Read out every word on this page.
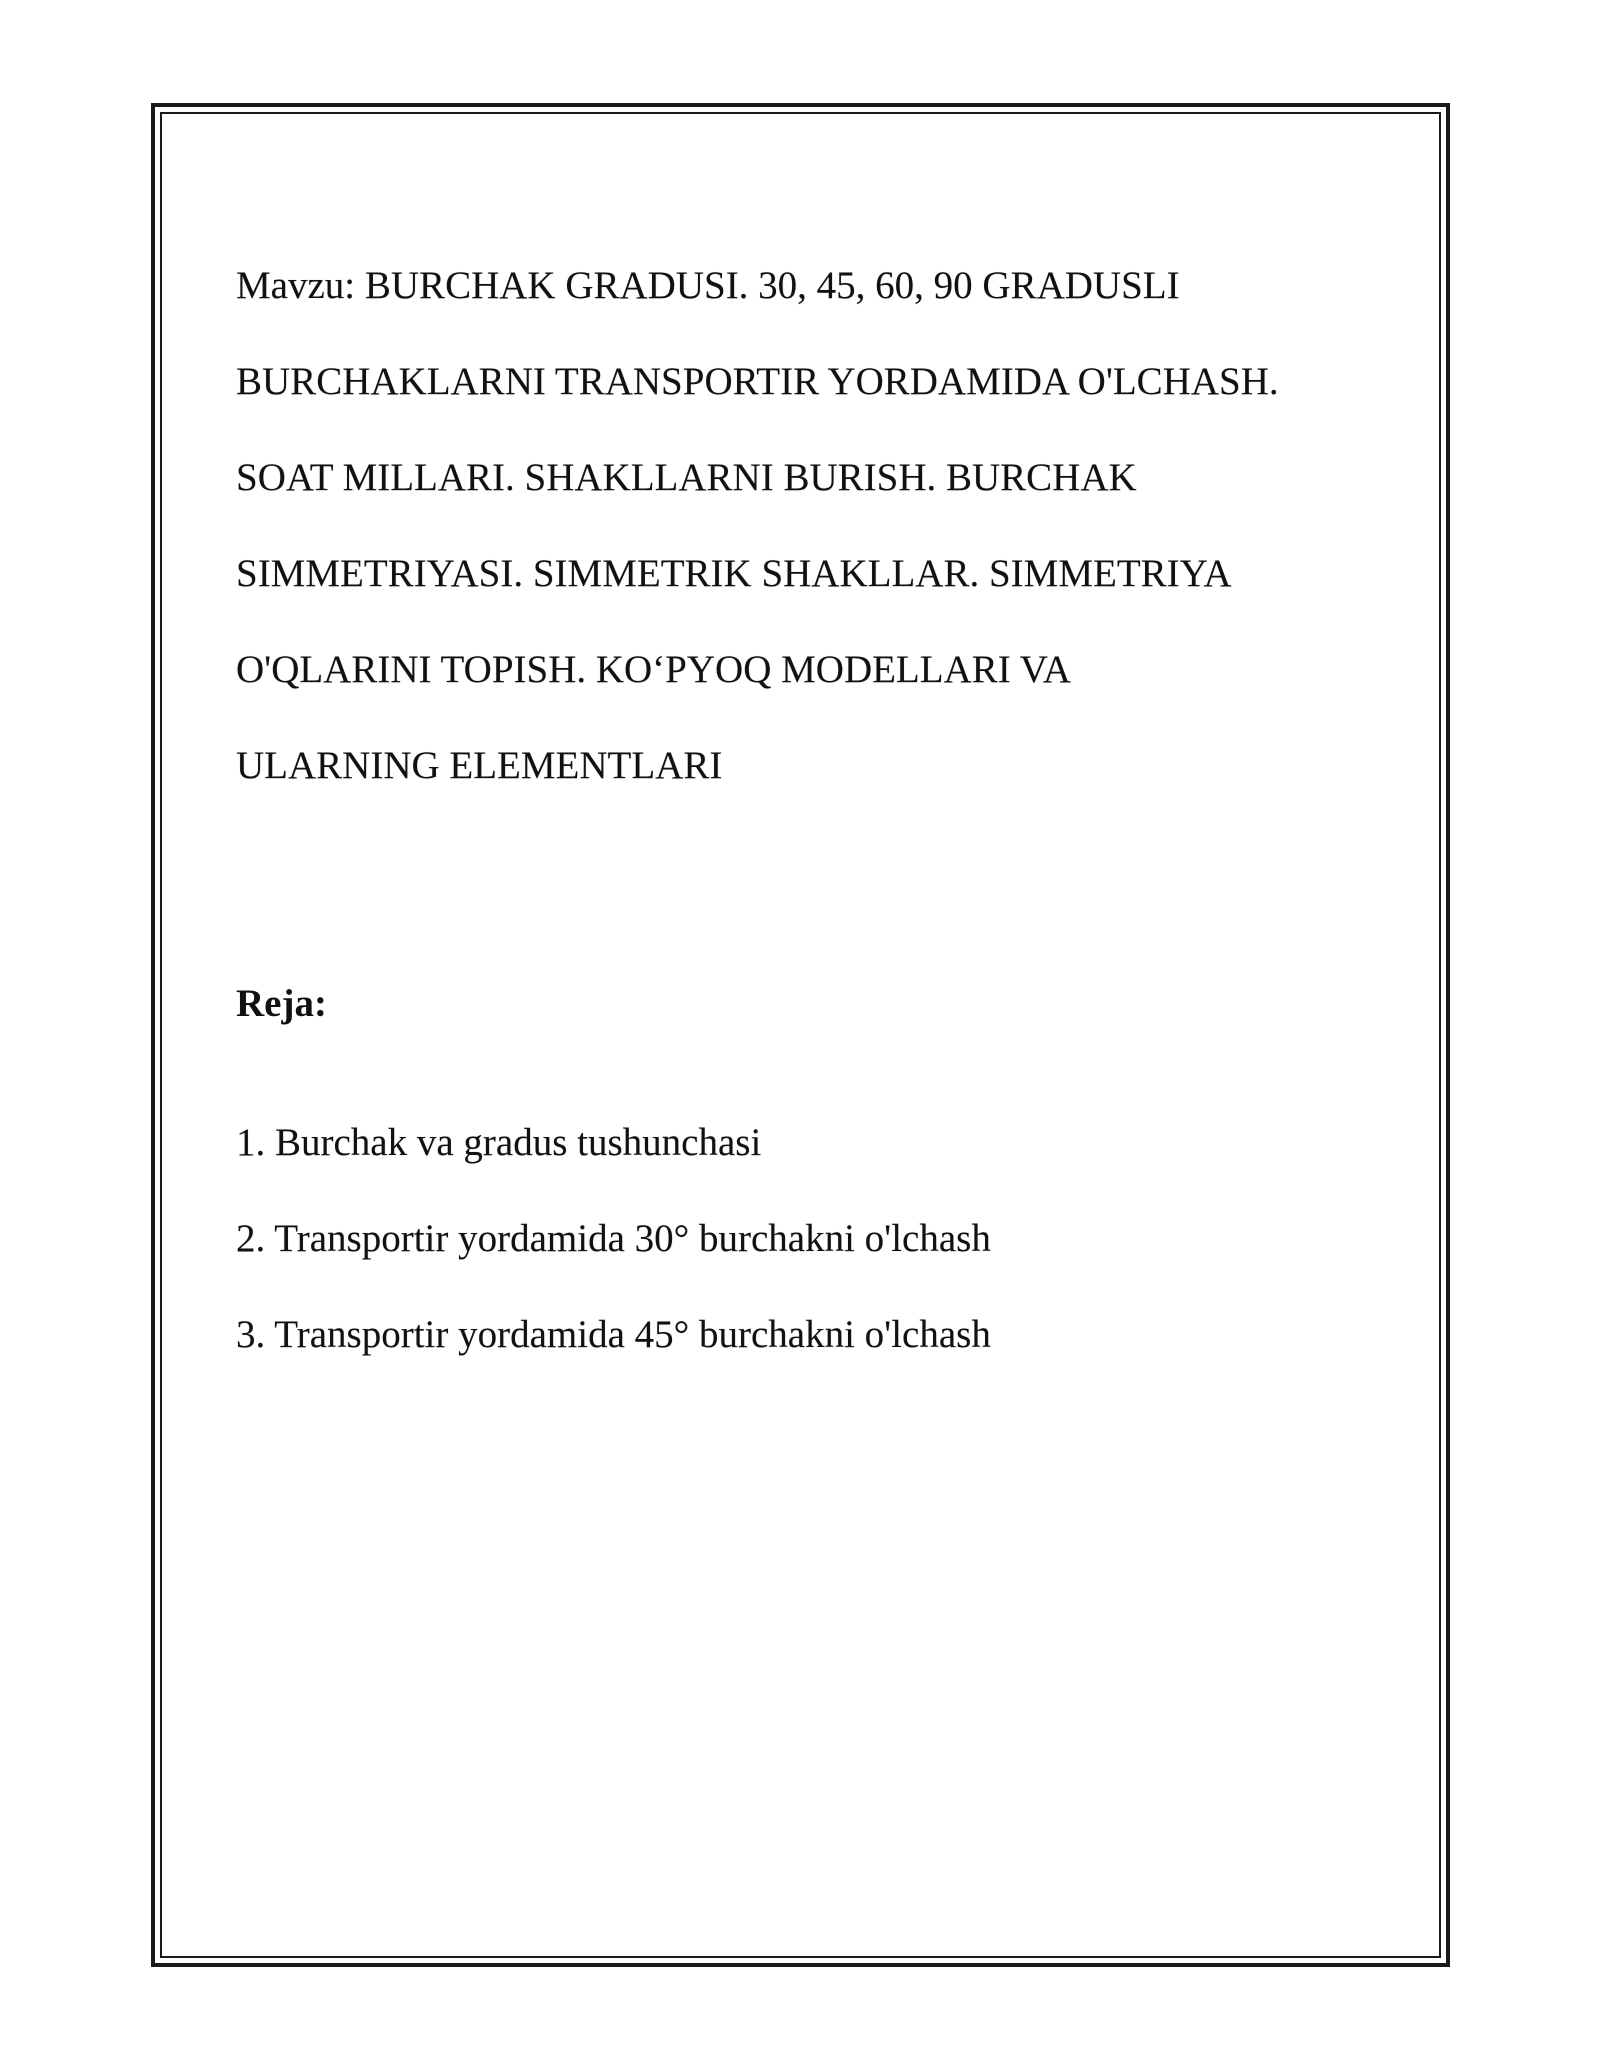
Mavzu: BURCHAK GRADUSI. 30, 45, 60, 90 GRADUSLI

BURCHAKLARNI TRANSPORTIR YORDAMIDA O'LCHASH.

SOAT MILLARI. SHAKLLARNI BURISH. BURCHAK

SIMMETRIYASI. SIMMETRIK SHAKLLAR. SIMMETRIYA

O'QLARINI TOPISH. KO‘PYOQ MODELLARI VA

ULARNING ELEMENTLARI

Reja:

1. Burchak va gradus tushunchasi
2. Transportir yordamida 30° burchakni o'lchash
3. Transportir yordamida 45° burchakni o'lchash
